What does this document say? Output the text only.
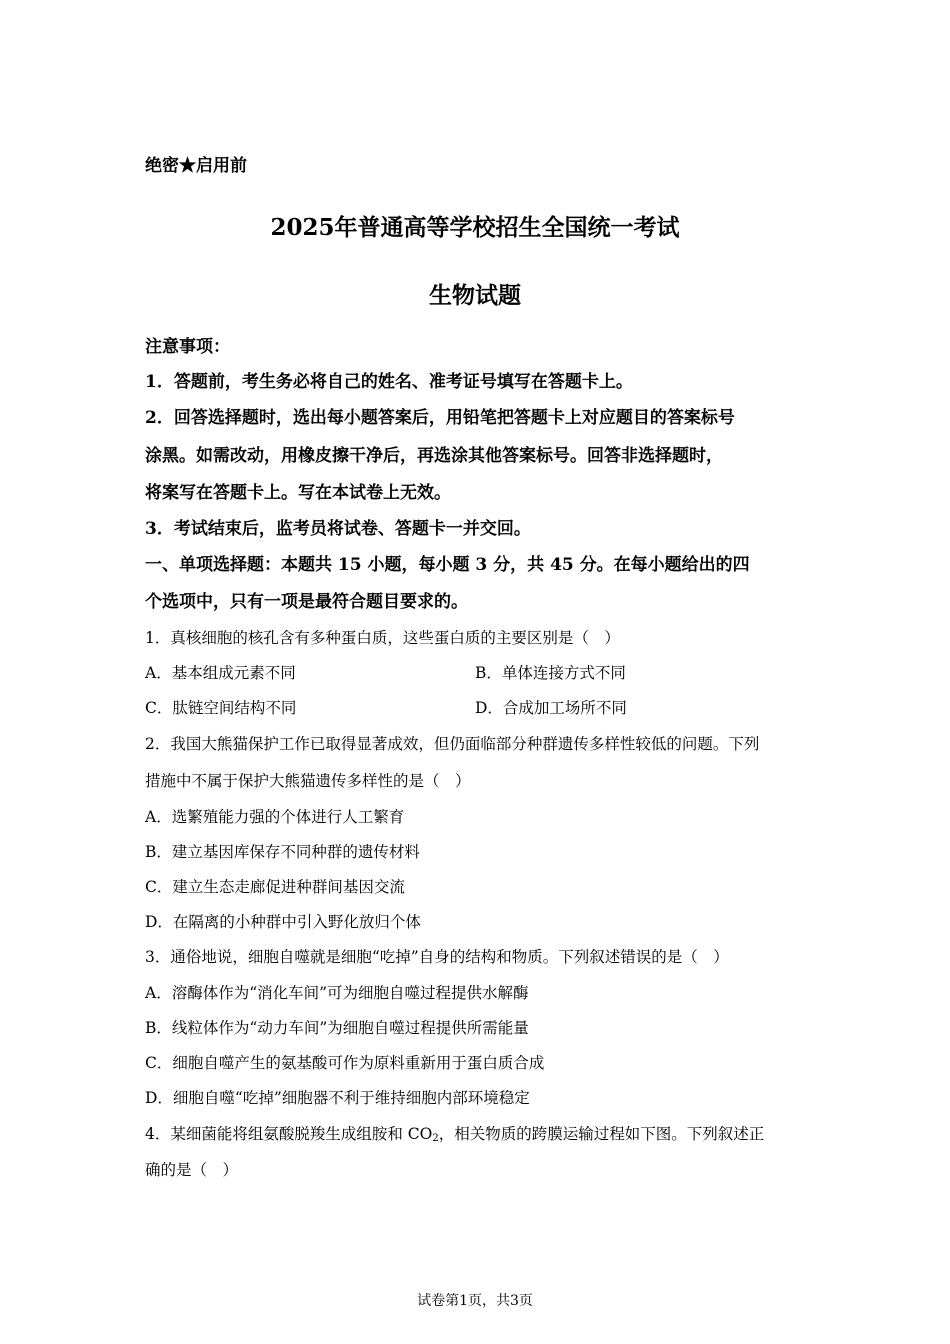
绝密★启用前
2025年普通高等学校招生全国统一考试
生物试题
注意事项：
1．答题前，考生务必将自己的姓名、准考证号填写在答题卡上。
2．回答选择题时，选出每小题答案后，用铅笔把答题卡上对应题目的答案标号
涂黑。如需改动，用橡皮擦干净后，再选涂其他答案标号。回答非选择题时，
将案写在答题卡上。写在本试卷上无效。
3．考试结束后，监考员将试卷、答题卡一并交回。
一、单项选择题：本题共 15 小题，每小题 3 分，共 45 分。在每小题给出的四
个选项中，只有一项是最符合题目要求的。
1．真核细胞的核孔含有多种蛋白质，这些蛋白质的主要区别是（　）
A．基本组成元素不同	B．单体连接方式不同
C．肽链空间结构不同	D．合成加工场所不同
2．我国大熊猫保护工作已取得显著成效，但仍面临部分种群遗传多样性较低的问题。下列
措施中不属于保护大熊猫遗传多样性的是（　）
A．选繁殖能力强的个体进行人工繁育
B．建立基因库保存不同种群的遗传材料
C．建立生态走廊促进种群间基因交流
D．在隔离的小种群中引入野化放归个体
3．通俗地说，细胞自噬就是细胞“吃掉”自身的结构和物质。下列叙述错误的是（　）
A．溶酶体作为“消化车间”可为细胞自噬过程提供水解酶
B．线粒体作为“动力车间”为细胞自噬过程提供所需能量
C．细胞自噬产生的氨基酸可作为原料重新用于蛋白质合成
D．细胞自噬“吃掉”细胞器不利于维持细胞内部环境稳定
4．某细菌能将组氨酸脱羧生成组胺和 $CO_2$，相关物质的跨膜运输过程如下图。下列叙述正
确的是（　）
试卷第1页，共3页
